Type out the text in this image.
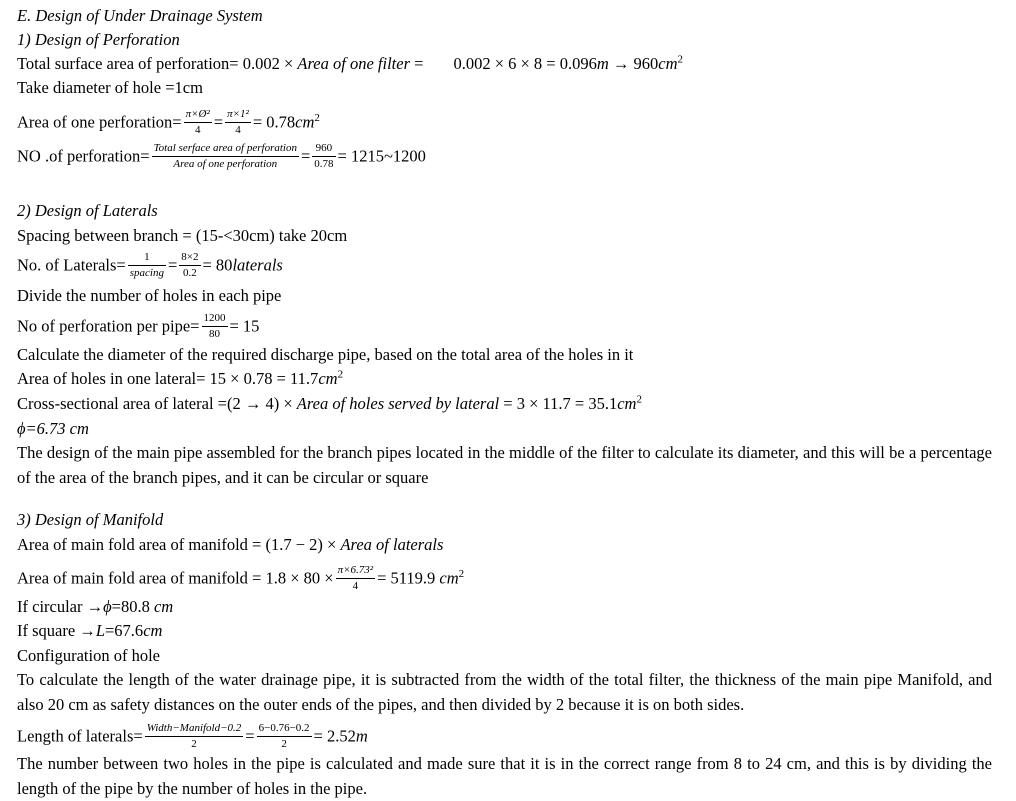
E. Design of Under Drainage System
1) Design of Perforation
Total surface area of perforation= 0.002 × Area of one filter = $0.002 \times 6 \times 8 = 0.096m \to 960cm^2$
Take diameter of hole =1cm
Area of one perforation= $\frac{\text{π×Ø²}}{4} = \frac{\text{π×1²}}{4} = 0.78cm^2$
NO .of perforation= $\frac{\text{Total serface area of perforation}}{\text{Area of one perforation}} = \frac{960}{0.78}$ = 1215~1200
2) Design of Laterals
Spacing between branch = (15-<30cm) take 20cm
No. of Laterals= $\frac{1}{\text{spacing}} = \frac{8\times 2}{0.2}$ = 80laterals
Divide the number of holes in each pipe
No of perforation per pipe= $\frac{1200}{80} = 15$
Calculate the diameter of the required discharge pipe, based on the total area of the holes in it
Area of holes in one lateral= $15 \times 0.78 = 11.7cm^2$
Cross-sectional area of lateral =(2 → 4) × Area of holes served by lateral = $3 \times 11.7 = 35.1cm^2$
ϕ=6.73 cm
The design of the main pipe assembled for the branch pipes located in the middle of the filter to calculate its diameter, and this will be a percentage of the area of the branch pipes, and it can be circular or square
3) Design of Manifold
Area of main fold area of manifold = (1.7 − 2) × Area of laterals
Area of main fold area of manifold = $1.8 \times 80 \times \frac{\text{π×6.73²}}{4} = 5119.9$ $cm^2$
If circular →ϕ=80.8 cm
If square →L=67.6cm
Configuration of hole
To calculate the length of the water drainage pipe, it is subtracted from the width of the total filter, the thickness of the main pipe Manifold, and also 20 cm as safety distances on the outer ends of the pipes, and then divided by 2 because it is on both sides.
Length of laterals= $\frac{\text{Width−Manifold−0.2}}{2} = \frac{6-0.76-0.2}{2} = 2.52m$
The number between two holes in the pipe is calculated and made sure that it is in the correct range from 8 to 24 cm, and this is by dividing the length of the pipe by the number of holes in the pipe.
